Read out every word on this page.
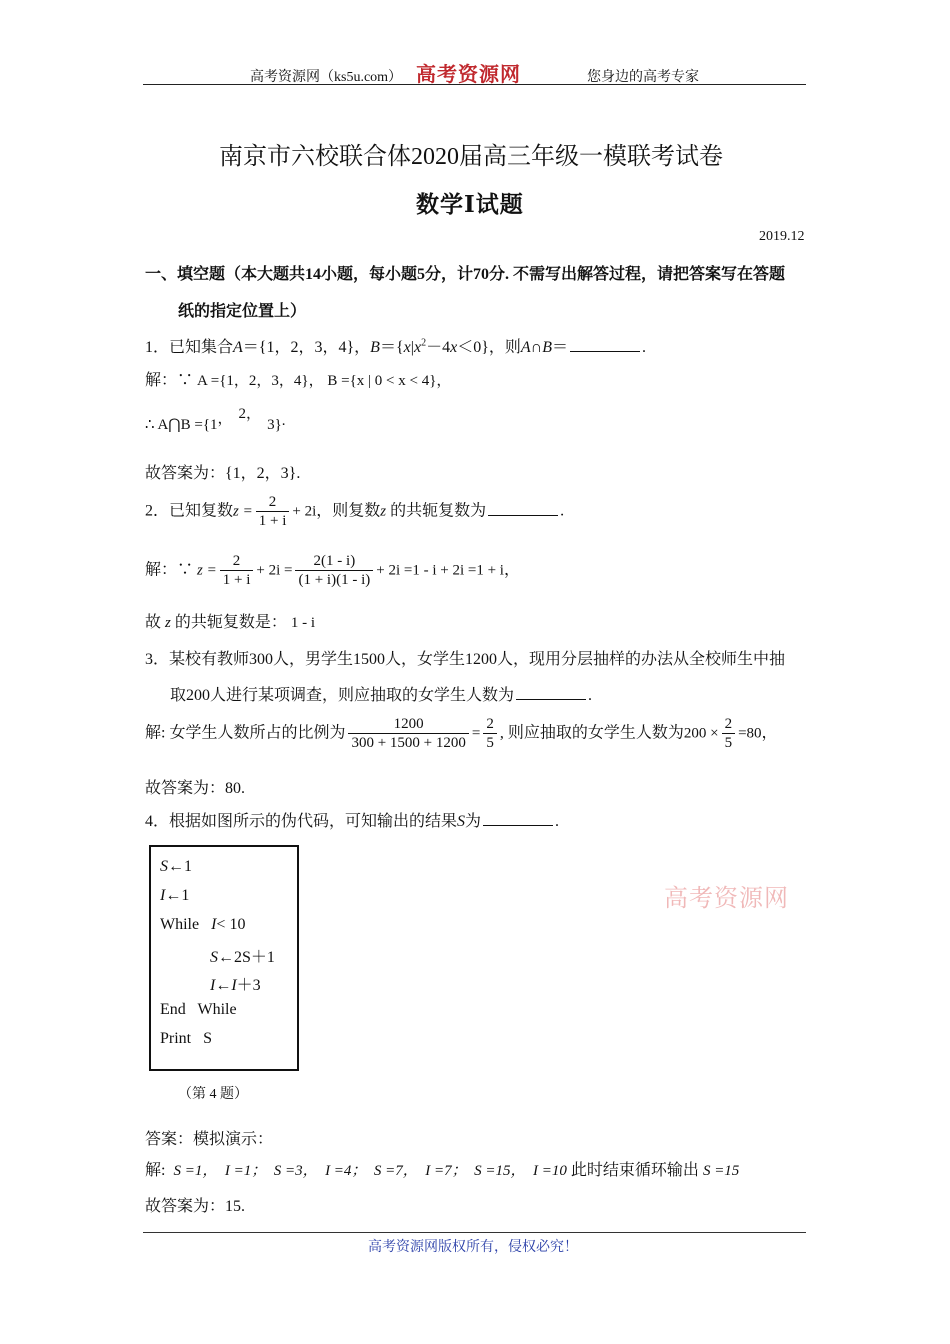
高考资源网（ks5u.com） 高考资源网	您身边的高考专家
南京市六校联合体2020届高三年级一模联考试卷
数学Ⅰ试题
2019.12
一、填空题（本大题共14小题，每小题5分，计70分. 不需写出解答过程，请把答案写在答题
纸的指定位置上）
1．已知集合A＝{1，2，3，4}，$B=\{x|x^2-4x<0\}$，则A∩B＝	.
解：∵ A ={1，2，3，4}， B ={x | 0 < x < 4}，
∴ A⋂B ={1， 2，3}.
故答案为：{1，2，3}.
2．已知复数$z = \frac{2}{1 + i} + 2i$，则复数z 的共轭复数为	.
解：∵ $z = \frac{2}{1 + i} + 2i = \frac{2(1 - i)}{(1 + i)(1 - i)} + 2i =1 - i + 2i =1 + i$，
故 z 的共轭复数是： 1 - i
3．某校有教师300人，男学生1500人，女学生1200人，现用分层抽样的办法从全校师生中抽
取200人进行某项调查，则应抽取的女学生人数为	.
解: 女学生人数所占的比例为 $\frac{1200}{300 + 1500 + 1200} = \frac{2}{5}$ , 则应抽取的女学生人数为$200 \times \frac{2}{5} =80$，
故答案为：80.
4．根据如图所示的伪代码，可知输出的结果S为	.
S←1
I←1
While I< 10
S←2S＋1
I←I＋3
End   While
Print   S
（第 4 题）
高考资源网
答案：模拟演示：
解: S =1，  I =1；  S =3，  I =4；  S =7，  I =7；  S =15，  I =10 此时结束循环输出 S =15
故答案为：15.
高考资源网版权所有，侵权必究！
